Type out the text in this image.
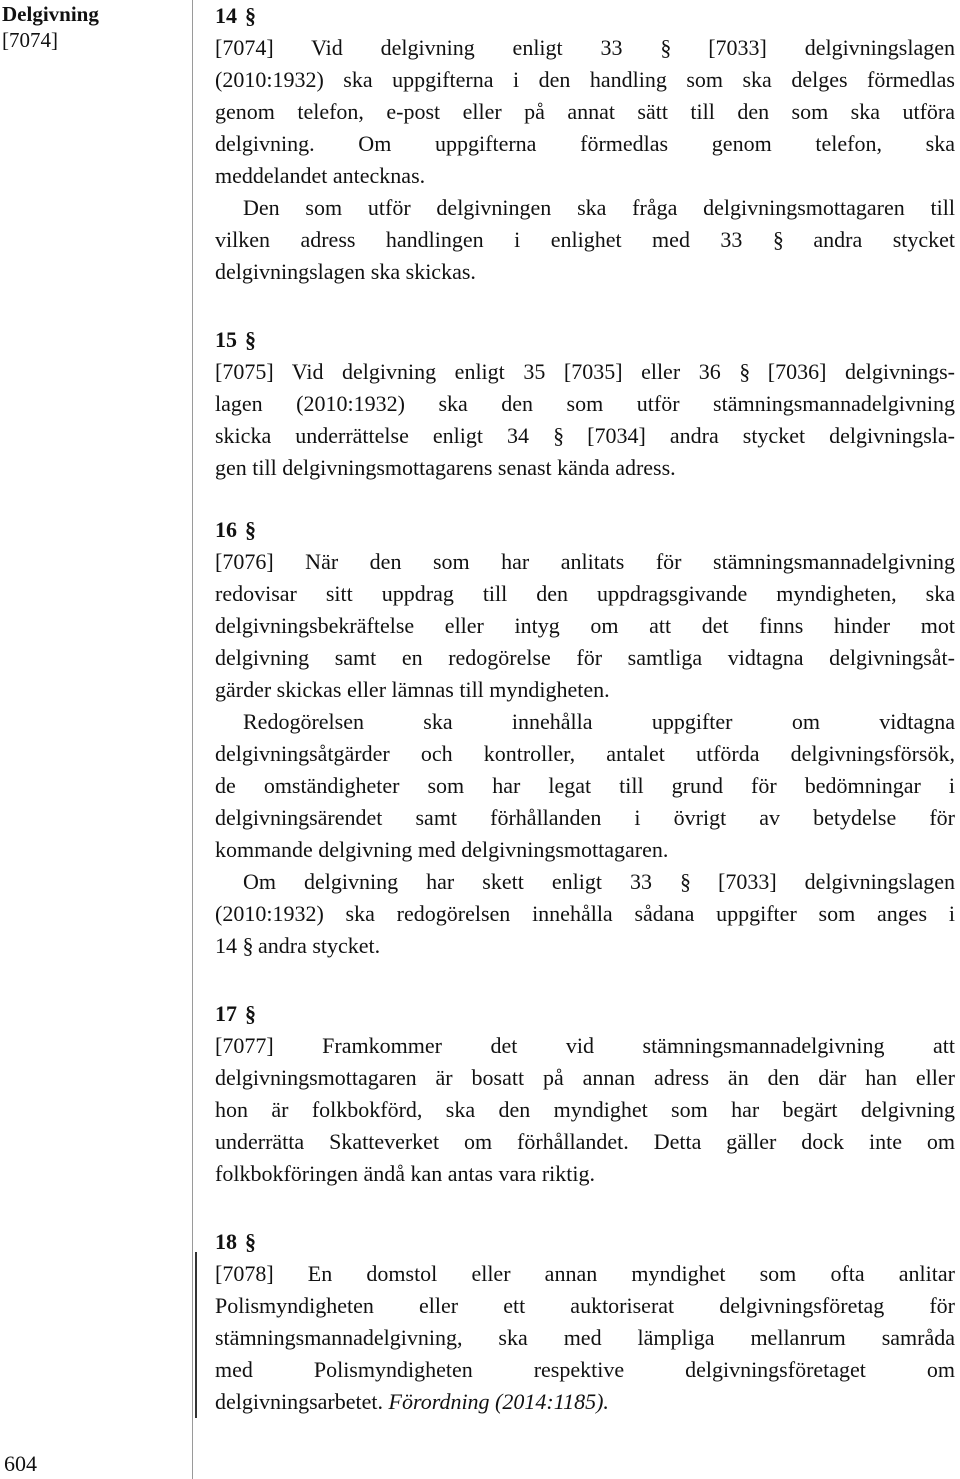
Delgivning
[7074]
604
14 §
[7074] Vid delgivning enligt 33 § [7033] delgivningslagen
(2010:1932) ska uppgifterna i den handling som ska delges förmedlas
genom telefon, e-post eller på annat sätt till den som ska utföra
delgivning. Om uppgifterna förmedlas genom telefon, ska
meddelandet antecknas.
Den som utför delgivningen ska fråga delgivningsmottagaren till
vilken adress handlingen i enlighet med 33 § andra stycket
delgivningslagen ska skickas.
15 §
[7075] Vid delgivning enligt 35 [7035] eller 36 § [7036] delgivnings-
lagen (2010:1932) ska den som utför stämningsmannadelgivning
skicka underrättelse enligt 34 § [7034] andra stycket delgivningsla-
gen till delgivningsmottagarens senast kända adress.
16 §
[7076] När den som har anlitats för stämningsmannadelgivning
redovisar sitt uppdrag till den uppdragsgivande myndigheten, ska
delgivningsbekräftelse eller intyg om att det finns hinder mot
delgivning samt en redogörelse för samtliga vidtagna delgivningsåt-
gärder skickas eller lämnas till myndigheten.
Redogörelsen ska innehålla uppgifter om vidtagna
delgivningsåtgärder och kontroller, antalet utförda delgivningsförsök,
de omständigheter som har legat till grund för bedömningar i
delgivningsärendet samt förhållanden i övrigt av betydelse för
kommande delgivning med delgivningsmottagaren.
Om delgivning har skett enligt 33 § [7033] delgivningslagen
(2010:1932) ska redogörelsen innehålla sådana uppgifter som anges i
14 § andra stycket.
17 §
[7077] Framkommer det vid stämningsmannadelgivning att
delgivningsmottagaren är bosatt på annan adress än den där han eller
hon är folkbokförd, ska den myndighet som har begärt delgivning
underrätta Skatteverket om förhållandet. Detta gäller dock inte om
folkbokföringen ändå kan antas vara riktig.
18 §
[7078] En domstol eller annan myndighet som ofta anlitar
Polismyndigheten eller ett auktoriserat delgivningsföretag för
stämningsmannadelgivning, ska med lämpliga mellanrum samråda
med Polismyndigheten respektive delgivningsföretaget om
delgivningsarbetet. Förordning (2014:1185).
